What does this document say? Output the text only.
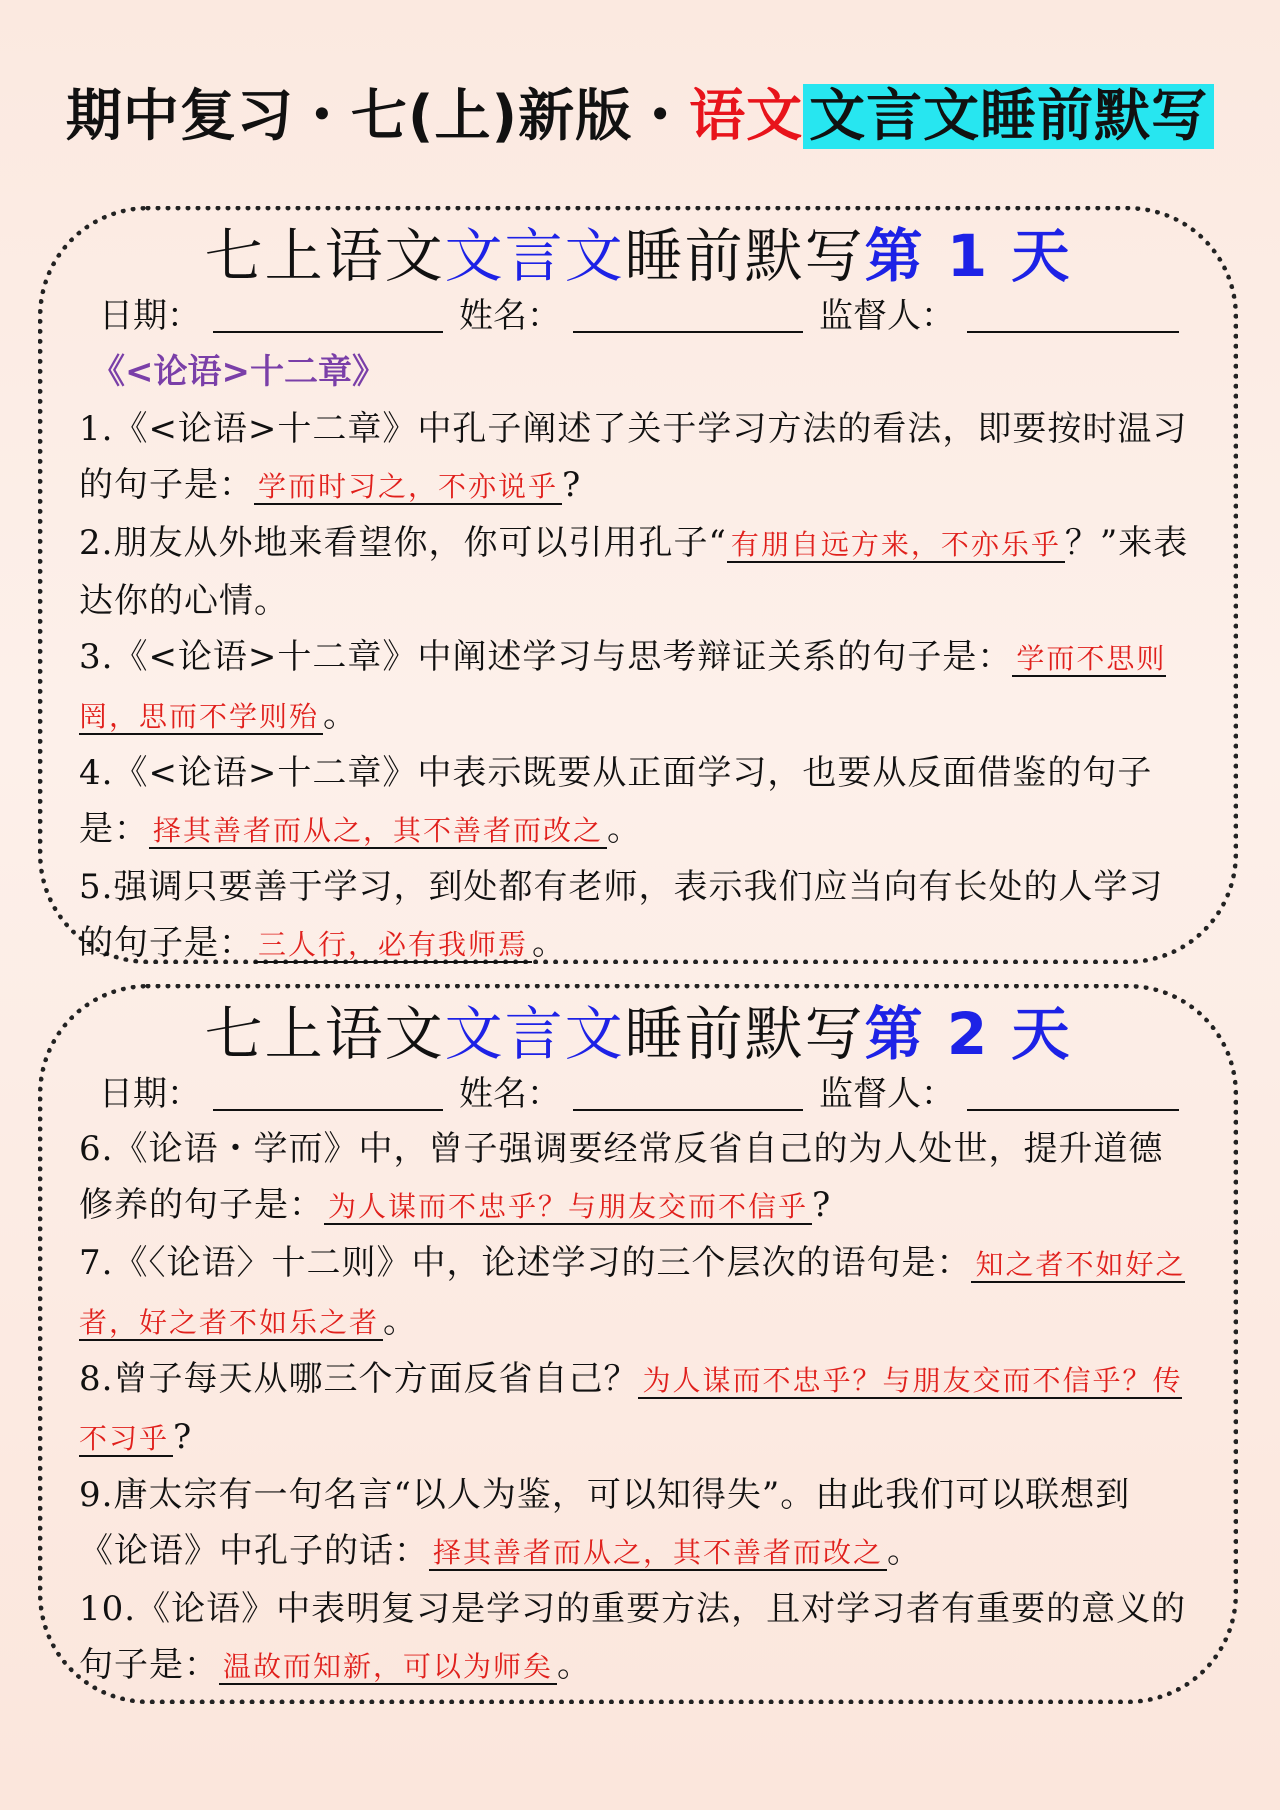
期中复习・七(上)新版・语文 文言文睡前默写
七上语文文言文睡前默写第 1 天
日期：	姓名：	监督人：
《<论语>十二章》
1.《<论语>十二章》中孔子阐述了关于学习方法的看法，即要按时温习的句子是： 学而时习之，不亦说乎 ?
2.朋友从外地来看望你，你可以引用孔子“ 有朋自远方来，不亦乐乎 ？”来表达你的心情。
3.《<论语>十二章》中阐述学习与思考辩证关系的句子是： 学而不思则罔，思而不学则殆 。
4.《<论语>十二章》中表示既要从正面学习，也要从反面借鉴的句子是： 择其善者而从之，其不善者而改之 。
5.强调只要善于学习，到处都有老师，表示我们应当向有长处的人学习的句子是： 三人行，必有我师焉 。
七上语文文言文睡前默写第 2 天
日期：	姓名：	监督人：
6.《论语・学而》中，曾子强调要经常反省自己的为人处世，提升道德修养的句子是： 为人谋而不忠乎？与朋友交而不信乎 ?
7.《〈论语〉十二则》中，论述学习的三个层次的语句是： 知之者不如好之者，好之者不如乐之者 。
8.曾子每天从哪三个方面反省自己？ 为人谋而不忠乎？与朋友交而不信乎？传不习乎 ?
9.唐太宗有一句名言“以人为鉴，可以知得失”。由此我们可以联想到《论语》中孔子的话： 择其善者而从之，其不善者而改之 。
10.《论语》中表明复习是学习的重要方法，且对学习者有重要的意义的句子是： 温故而知新，可以为师矣 。
